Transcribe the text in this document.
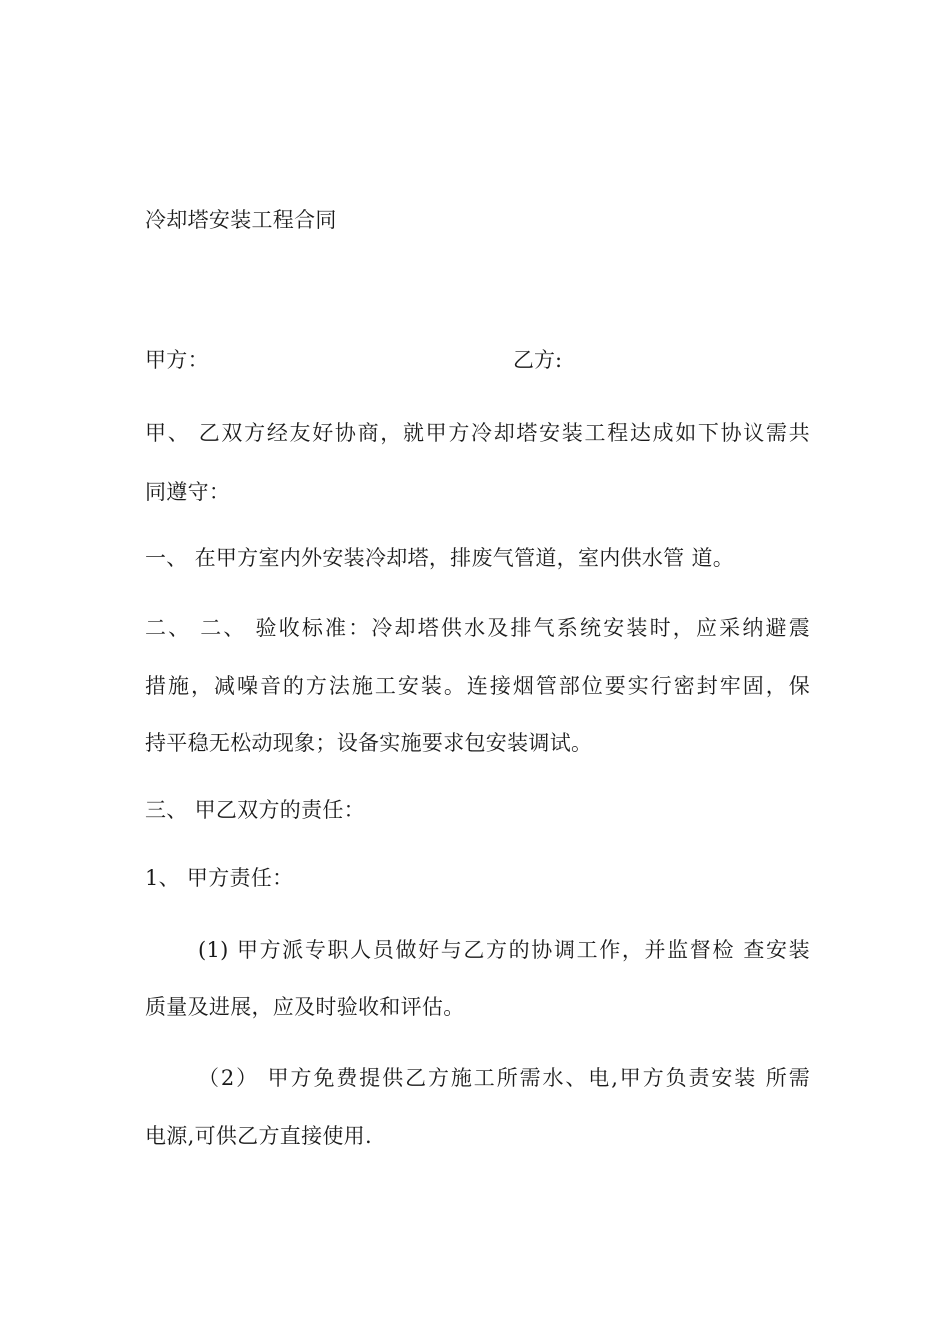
冷却塔安装工程合同
甲方：	乙方:
甲、 乙双方经友好协商，就甲方冷却塔安装工程达成如下协议需共
同遵守：
一、 在甲方室内外安装冷却塔，排废气管道，室内供水管 道。
二、 二、 验收标准：冷却塔供水及排气系统安装时，应采纳避震
措施，减噪音的方法施工安装。连接烟管部位要实行密封牢固，保
持平稳无松动现象；设备实施要求包安装调试。
三、 甲乙双方的责任：
1、 甲方责任：
(1) 甲方派专职人员做好与乙方的协调工作，并监督检 查安装
质量及进展，应及时验收和评估。
（2） 甲方免费提供乙方施工所需水、电,甲方负责安装 所需
电源,可供乙方直接使用.
